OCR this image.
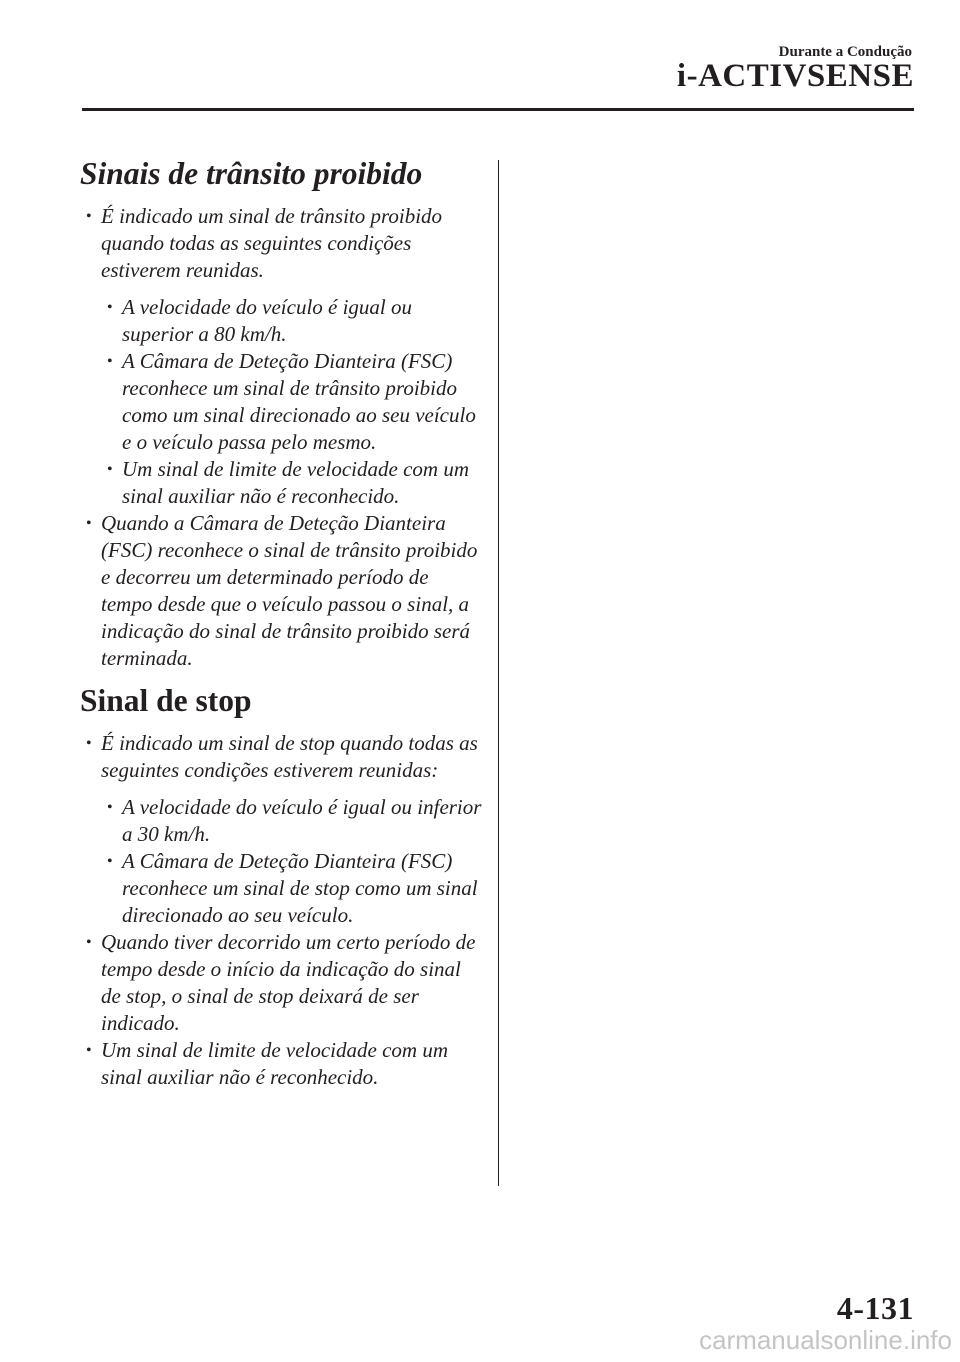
Durante a Condução
i-ACTIVSENSE
Sinais de trânsito proibido
• É indicado um sinal de trânsito proibido quando todas as seguintes condições estiverem reunidas.
• A velocidade do veículo é igual ou superior a 80 km/h.
• A Câmara de Deteção Dianteira (FSC) reconhece um sinal de trânsito proibido como um sinal direcionado ao seu veículo e o veículo passa pelo mesmo.
• Um sinal de limite de velocidade com um sinal auxiliar não é reconhecido.
• Quando a Câmara de Deteção Dianteira (FSC) reconhece o sinal de trânsito proibido e decorreu um determinado período de tempo desde que o veículo passou o sinal, a indicação do sinal de trânsito proibido será terminada.
Sinal de stop
• É indicado um sinal de stop quando todas as seguintes condições estiverem reunidas:
• A velocidade do veículo é igual ou inferior a 30 km/h.
• A Câmara de Deteção Dianteira (FSC) reconhece um sinal de stop como um sinal direcionado ao seu veículo.
• Quando tiver decorrido um certo período de tempo desde o início da indicação do sinal de stop, o sinal de stop deixará de ser indicado.
• Um sinal de limite de velocidade com um sinal auxiliar não é reconhecido.
4-131
carmanualsonline.info
